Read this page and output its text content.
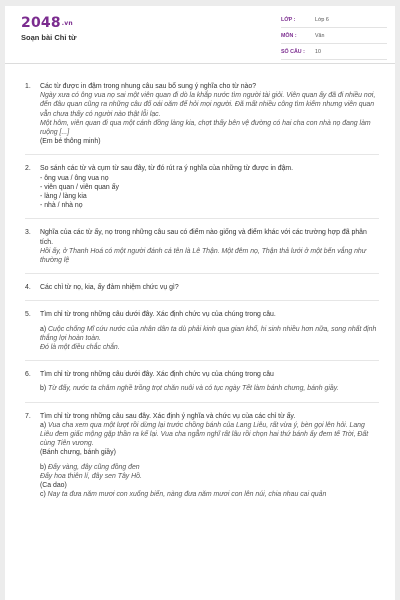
2048.vn
Soạn bài Chỉ từ
LỚP :	Lớp 6
MÔN :	Văn
SỐ CÂU :	10
1.	Các từ được in đậm trong nhung câu sau bổ sung ý nghĩa cho từ nào?
Ngày xưa có ông vua nọ sai một viên quan đi dò la khắp nước tìm người tài giỏi. Viên quan ấy đã đi nhiều nơi, đến đâu quan cũng ra những câu đố oái oăm để hỏi mọi người. Đã mất nhiều công tìm kiếm nhưng viên quan vẫn chưa thấy có người nào thật lỗi lạc.
Một hôm, viên quan đi qua một cánh đồng làng kia, chợt thấy bên vệ đường có hai cha con nhà nọ đang làm ruộng [...]
(Em bé thông minh)
2.	So sánh các từ và cụm từ sau đây, từ đó rút ra ý nghĩa của những từ được in đậm.
- ông vua / ông vua nọ
- viên quan / viên quan ấy
- làng / làng kia
- nhà / nhà nọ
3.	Nghĩa của các từ ấy, nọ trong những câu sau có điểm nào giống và điểm khác với các trường hợp đã phân tích.
Hồi ấy, ở Thanh Hoá có một người đánh cá tên là Lê Thận. Một đêm nọ, Thận thả lưới ở một bến vắng như thường lệ
4.	Các chỉ từ nọ, kia, ấy đảm nhiệm chức vụ gì?
5.	Tìm chỉ từ trong những câu dưới đây. Xác định chức vụ của chúng trong câu.
a) Cuộc chống Mĩ cứu nước của nhân dân ta dù phải kinh qua gian khổ, hi sinh nhiều hơn nữa, song nhất định thắng lợi hoàn toàn.
Đó là một điều chắc chắn.
6.	Tìm chỉ từ trong những câu dưới đây. Xác định chức vụ của chúng trong câu
b) Từ đấy, nước ta chăm nghề trồng trọt chăn nuôi và có tục ngày Tết làm bánh chưng, bánh giầy.
7.	Tìm chỉ từ trong những câu sau đây. Xác định ý nghĩa và chức vụ của các chỉ từ ấy.
a) Vua cha xem qua một lượt rồi dừng lại trước chồng bánh của Lang Liêu, rất vừa ý, bèn gọi lên hỏi. Lang Liêu đem giấc mộng gặp thần ra kể lại. Vua cha ngẫm nghĩ rất lâu rồi chọn hai thứ bánh ấy đem tế Trời, Đất cùng Tiên vương.
(Bánh chưng, bánh giầy)
b) Đấy vàng, đây cũng đồng đen
Đấy hoa thiên lí, đây sen Tây Hồ.
(Ca dao)
c) Nay ta đưa năm mươi con xuống biển, nàng đưa năm mươi con lên núi, chia nhau cai quản
